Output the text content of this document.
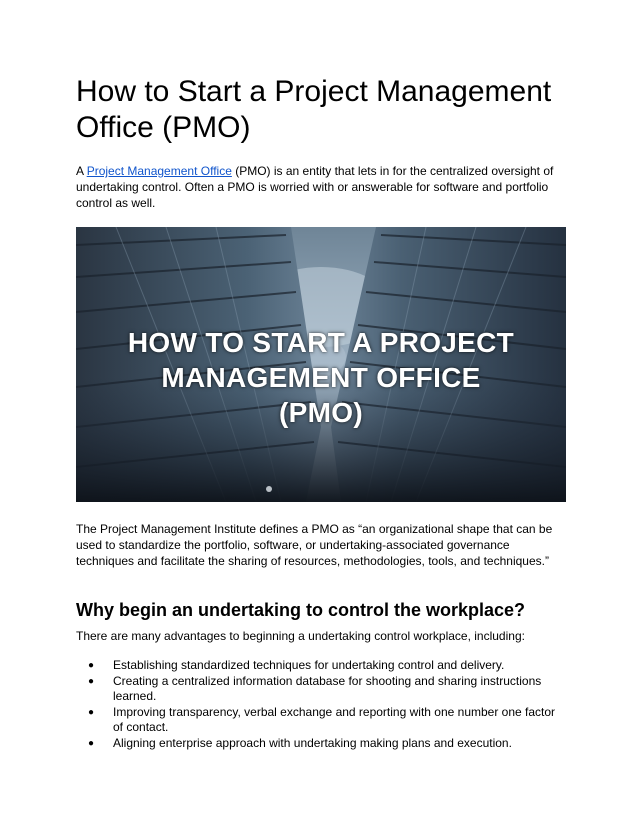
How to Start a Project Management Office (PMO)

A Project Management Office (PMO) is an entity that lets in for the centralized oversight of undertaking control. Often a PMO is worried with or answerable for software and portfolio control as well.

HOW TO START A PROJECT
MANAGEMENT OFFICE
(PMO)

The Project Management Institute defines a PMO as “an organizational shape that can be used to standardize the portfolio, software, or undertaking-associated governance techniques and facilitate the sharing of resources, methodologies, tools, and techniques.”

Why begin an undertaking to control the workplace?

There are many advantages to beginning a undertaking control workplace, including:

● Establishing standardized techniques for undertaking control and delivery.
● Creating a centralized information database for shooting and sharing instructions learned.
● Improving transparency, verbal exchange and reporting with one number one factor of contact.
● Aligning enterprise approach with undertaking making plans and execution.
